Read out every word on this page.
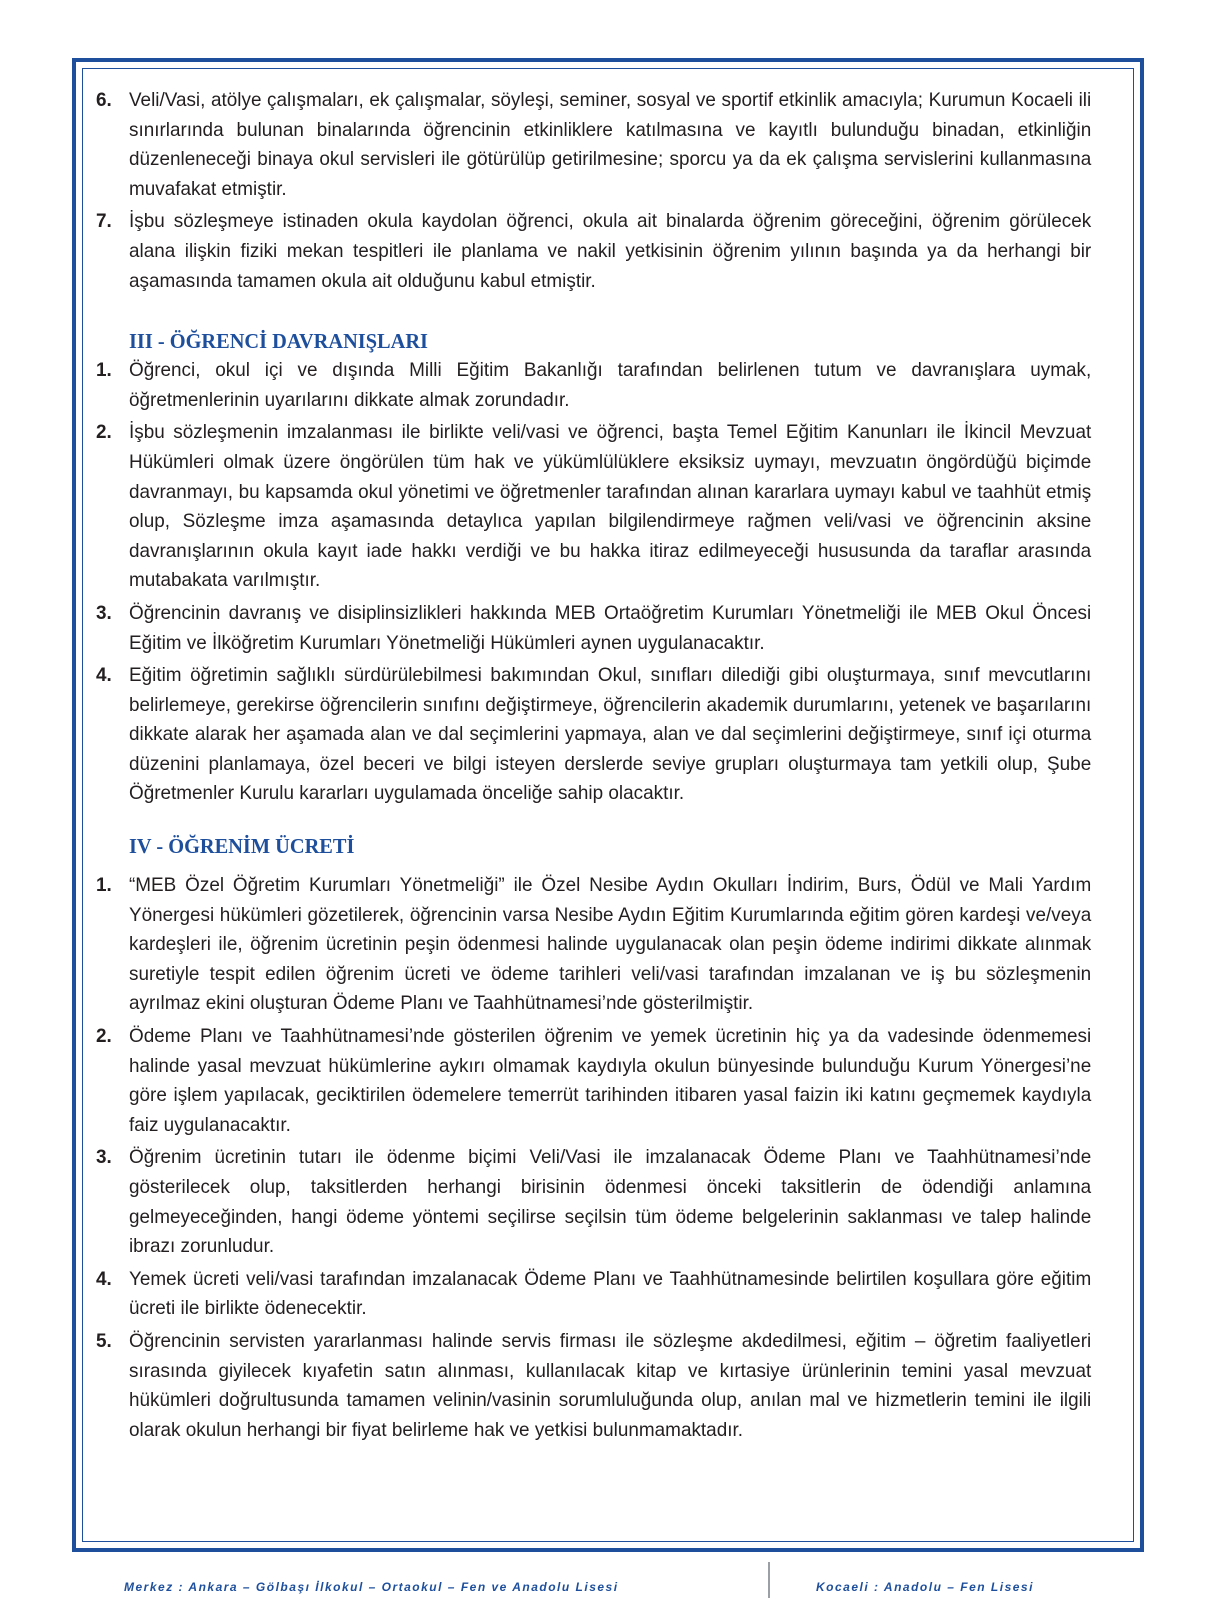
6. Veli/Vasi, atölye çalışmaları, ek çalışmalar, söyleşi, seminer, sosyal ve sportif etkinlik amacıyla; Kurumun Kocaeli ili sınırlarında bulunan binalarında öğrencinin etkinliklere katılmasına ve kayıtlı bulunduğu binadan, etkinliğin düzenleneceği binaya okul servisleri ile götürülüp getirilmesine; sporcu ya da ek çalışma servislerini kullanmasına muvafakat etmiştir.
7. İşbu sözleşmeye istinaden okula kaydolan öğrenci, okula ait binalarda öğrenim göreceğini, öğrenim görülecek alana ilişkin fiziki mekan tespitleri ile planlama ve nakil yetkisinin öğrenim yılının başında ya da herhangi bir aşamasında tamamen okula ait olduğunu kabul etmiştir.
III - ÖĞRENCİ DAVRANIŞLARI
1. Öğrenci, okul içi ve dışında Milli Eğitim Bakanlığı tarafından belirlenen tutum ve davranışlara uymak, öğretmenlerinin uyarılarını dikkate almak zorundadır.
2. İşbu sözleşmenin imzalanması ile birlikte veli/vasi ve öğrenci, başta Temel Eğitim Kanunları ile İkincil Mevzuat Hükümleri olmak üzere öngörülen tüm hak ve yükümlülüklere eksiksiz uymayı, mevzuatın öngördüğü biçimde davranmayı, bu kapsamda okul yönetimi ve öğretmenler tarafından alınan kararlara uymayı kabul ve taahhüt etmiş olup, Sözleşme imza aşamasında detaylıca yapılan bilgilendirmeye rağmen veli/vasi ve öğrencinin aksine davranışlarının okula kayıt iade hakkı verdiği ve bu hakka itiraz edilmeyeceği hususunda da taraflar arasında mutabakata varılmıştır.
3. Öğrencinin davranış ve disiplinsizlikleri hakkında MEB Ortaöğretim Kurumları Yönetmeliği ile MEB Okul Öncesi Eğitim ve İlköğretim Kurumları Yönetmeliği Hükümleri aynen uygulanacaktır.
4. Eğitim öğretimin sağlıklı sürdürülebilmesi bakımından Okul, sınıfları dilediği gibi oluşturmaya, sınıf mevcutlarını belirlemeye, gerekirse öğrencilerin sınıfını değiştirmeye, öğrencilerin akademik durumlarını, yetenek ve başarılarını dikkate alarak her aşamada alan ve dal seçimlerini yapmaya, alan ve dal seçimlerini değiştirmeye, sınıf içi oturma düzenini planlamaya, özel beceri ve bilgi isteyen derslerde seviye grupları oluşturmaya tam yetkili olup, Şube Öğretmenler Kurulu kararları uygulamada önceliğe sahip olacaktır.
IV - ÖĞRENİM ÜCRETİ
1. “MEB Özel Öğretim Kurumları Yönetmeliği” ile Özel Nesibe Aydın Okulları İndirim, Burs, Ödül ve Mali Yardım Yönergesi hükümleri gözetilerek, öğrencinin varsa Nesibe Aydın Eğitim Kurumlarında eğitim gören kardeşi ve/veya kardeşleri ile, öğrenim ücretinin peşin ödenmesi halinde uygulanacak olan peşin ödeme indirimi dikkate alınmak suretiyle tespit edilen öğrenim ücreti ve ödeme tarihleri veli/vasi tarafından imzalanan ve iş bu sözleşmenin ayrılmaz ekini oluşturan Ödeme Planı ve Taahhütnamesi’nde gösterilmiştir.
2. Ödeme Planı ve Taahhütnamesi’nde gösterilen öğrenim ve yemek ücretinin hiç ya da vadesinde ödenmemesi halinde yasal mevzuat hükümlerine aykırı olmamak kaydıyla okulun bünyesinde bulunduğu Kurum Yönergesi’ne göre işlem yapılacak, geciktirilen ödemelere temerrüt tarihinden itibaren yasal faizin iki katını geçmemek kaydıyla faiz uygulanacaktır.
3. Öğrenim ücretinin tutarı ile ödenme biçimi Veli/Vasi ile imzalanacak Ödeme Planı ve Taahhütnamesi’nde gösterilecek olup, taksitlerden herhangi birisinin ödenmesi önceki taksitlerin de ödendiği anlamına gelmeyeceğinden, hangi ödeme yöntemi seçilirse seçilsin tüm ödeme belgelerinin saklanması ve talep halinde ibrazı zorunludur.
4. Yemek ücreti veli/vasi tarafından imzalanacak Ödeme Planı ve Taahhütnamesinde belirtilen koşullara göre eğitim ücreti ile birlikte ödenecektir.
5. Öğrencinin servisten yararlanması halinde servis firması ile sözleşme akdedilmesi, eğitim – öğretim faaliyetleri sırasında giyilecek kıyafetin satın alınması, kullanılacak kitap ve kırtasiye ürünlerinin temini yasal mevzuat hükümleri doğrultusunda tamamen velinin/vasinin sorumluluğunda olup, anılan mal ve hizmetlerin temini ile ilgili olarak okulun herhangi bir fiyat belirleme hak ve yetkisi bulunmamaktadır.
Merkez : Ankara – Gölbaşı İlkokul – Ortaokul – Fen ve Anadolu Lisesi	Kocaeli : Anadolu – Fen Lisesi
